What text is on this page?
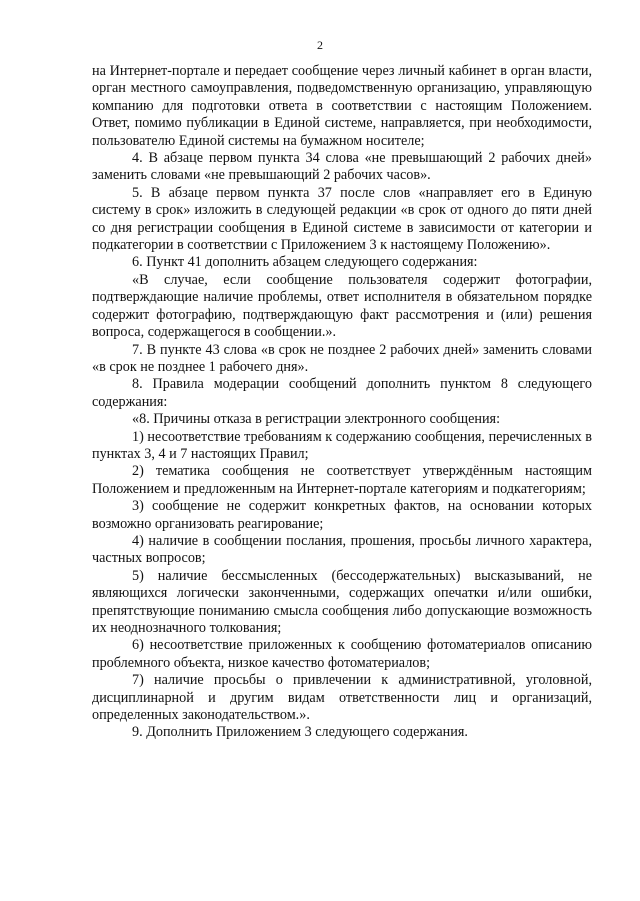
2

на Интернет-портале и передает сообщение через личный кабинет в орган власти, орган местного самоуправления, подведомственную организацию, управляющую компанию для подготовки ответа в соответствии с настоящим Положением. Ответ, помимо публикации в Единой системе, направляется, при необходимости, пользователю Единой системы на бумажном носителе;

4. В абзаце первом пункта 34 слова «не превышающий 2 рабочих дней» заменить словами «не превышающий 2 рабочих часов».

5. В абзаце первом пункта 37 после слов «направляет его в Единую систему в срок» изложить в следующей редакции «в срок от одного до пяти дней со дня регистрации сообщения в Единой системе в зависимости от категории и подкатегории в соответствии с Приложением 3 к настоящему Положению».

6. Пункт 41 дополнить абзацем следующего содержания:

«В случае, если сообщение пользователя содержит фотографии, подтверждающие наличие проблемы, ответ исполнителя в обязательном порядке содержит фотографию, подтверждающую факт рассмотрения и (или) решения вопроса, содержащегося в сообщении.».

7. В пункте 43 слова «в срок не позднее 2 рабочих дней» заменить словами «в срок не позднее 1 рабочего дня».

8. Правила модерации сообщений дополнить пунктом 8 следующего содержания:

«8. Причины отказа в регистрации электронного сообщения:

1) несоответствие требованиям к содержанию сообщения, перечисленных в пунктах 3, 4 и 7 настоящих Правил;

2) тематика сообщения не соответствует утверждённым настоящим Положением и предложенным на Интернет-портале категориям и подкатегориям;

3) сообщение не содержит конкретных фактов, на основании которых возможно организовать реагирование;

4) наличие в сообщении послания, прошения, просьбы личного характера, частных вопросов;

5) наличие бессмысленных (бессодержательных) высказываний, не являющихся логически законченными, содержащих опечатки и/или ошибки, препятствующие пониманию смысла сообщения либо допускающие возможность их неоднозначного толкования;

6) несоответствие приложенных к сообщению фотоматериалов описанию проблемного объекта, низкое качество фотоматериалов;

7) наличие просьбы о привлечении к административной, уголовной, дисциплинарной и другим видам ответственности лиц и организаций, определенных законодательством.».

9. Дополнить Приложением 3 следующего содержания.
